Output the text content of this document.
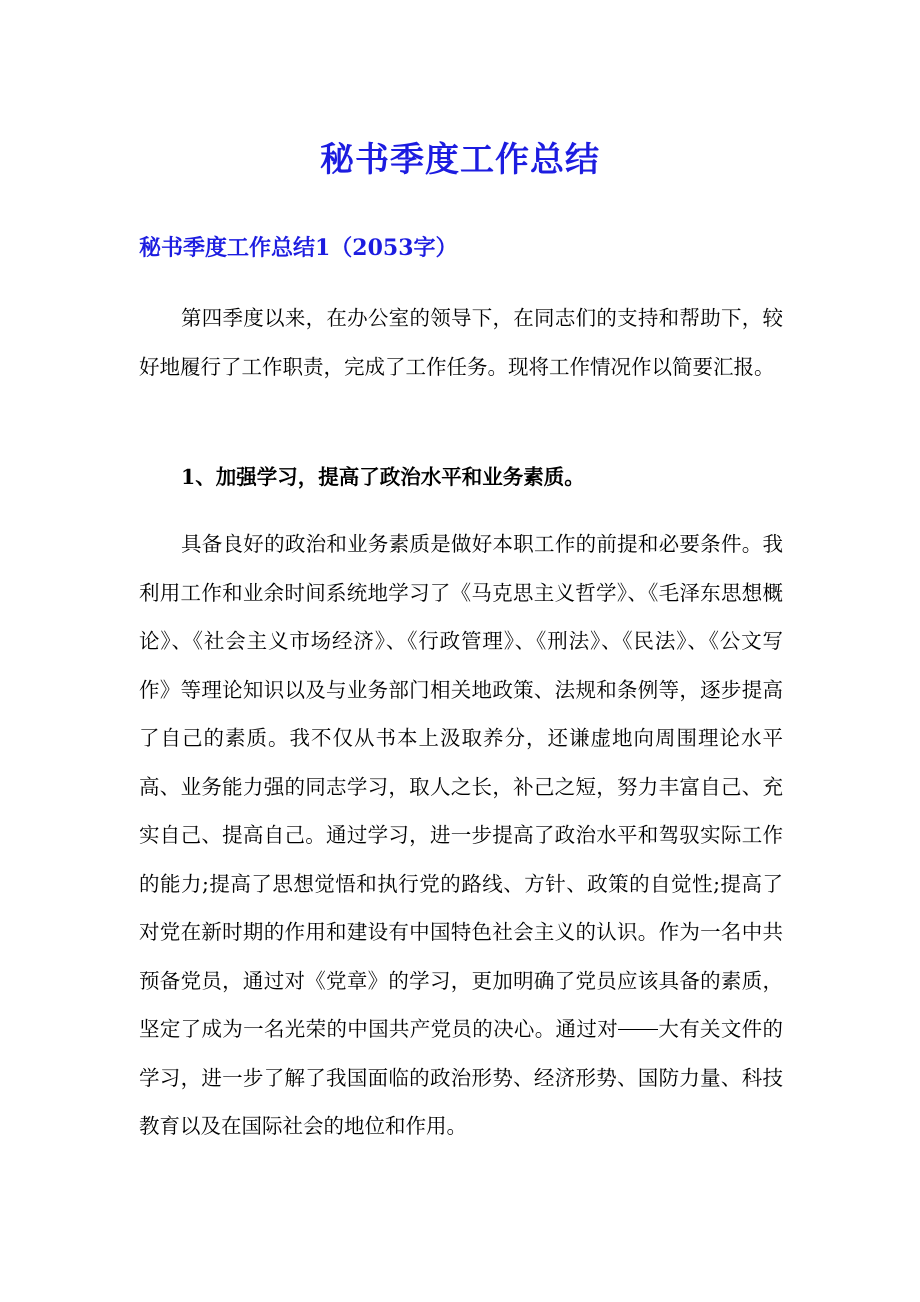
秘书季度工作总结
秘书季度工作总结1（2053字）

第四季度以来，在办公室的领导下，在同志们的支持和帮助下，较好地履行了工作职责，完成了工作任务。现将工作情况作以简要汇报。

1、加强学习，提高了政治水平和业务素质。

具备良好的政治和业务素质是做好本职工作的前提和必要条件。我利用工作和业余时间系统地学习了《马克思主义哲学》、《毛泽东思想概论》、《社会主义市场经济》、《行政管理》、《刑法》、《民法》、《公文写作》等理论知识以及与业务部门相关地政策、法规和条例等，逐步提高了自己的素质。我不仅从书本上汲取养分，还谦虚地向周围理论水平高、业务能力强的同志学习，取人之长，补己之短，努力丰富自己、充实自己、提高自己。通过学习，进一步提高了政治水平和驾驭实际工作的能力;提高了思想觉悟和执行党的路线、方针、政策的自觉性;提高了对党在新时期的作用和建设有中国特色社会主义的认识。作为一名中共预备党员，通过对《党章》的学习，更加明确了党员应该具备的素质，坚定了成为一名光荣的中国共产党员的决心。通过对 大有关文件的学习，进一步了解了我国面临的政治形势、经济形势、国防力量、科技教育以及在国际社会的地位和作用。
